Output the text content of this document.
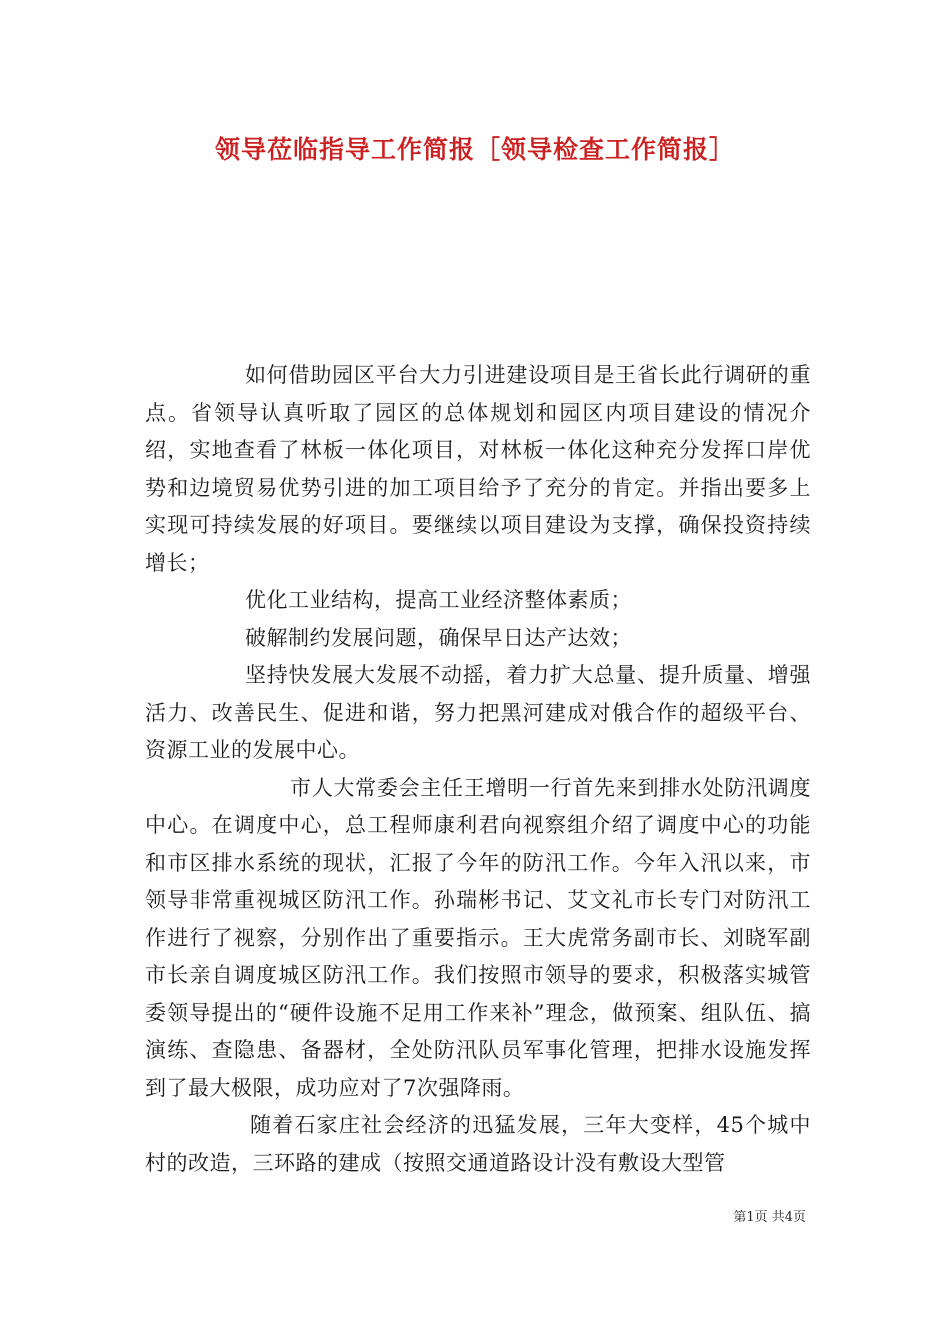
领导莅临指导工作简报［领导检查工作简报］

如何借助园区平台大力引进建设项目是王省长此行调研的重点。省领导认真听取了园区的总体规划和园区内项目建设的情况介绍，实地查看了林板一体化项目，对林板一体化这种充分发挥口岸优势和边境贸易优势引进的加工项目给予了充分的肯定。并指出要多上实现可持续发展的好项目。要继续以项目建设为支撑，确保投资持续增长；

优化工业结构，提高工业经济整体素质；

破解制约发展问题，确保早日达产达效；

坚持快发展大发展不动摇，着力扩大总量、提升质量、增强活力、改善民生、促进和谐，努力把黑河建成对俄合作的超级平台、资源工业的发展中心。

市人大常委会主任王增明一行首先来到排水处防汛调度中心。在调度中心，总工程师康利君向视察组介绍了调度中心的功能和市区排水系统的现状，汇报了今年的防汛工作。今年入汛以来，市领导非常重视城区防汛工作。孙瑞彬书记、艾文礼市长专门对防汛工作进行了视察，分别作出了重要指示。王大虎常务副市长、刘晓军副市长亲自调度城区防汛工作。我们按照市领导的要求，积极落实城管委领导提出的“硬件设施不足用工作来补”理念，做预案、组队伍、搞演练、查隐患、备器材，全处防汛队员军事化管理，把排水设施发挥到了最大极限，成功应对了7次强降雨。

随着石家庄社会经济的迅猛发展，三年大变样，45个城中村的改造，三环路的建成（按照交通道路设计没有敷设大型管

第1页 共4页
